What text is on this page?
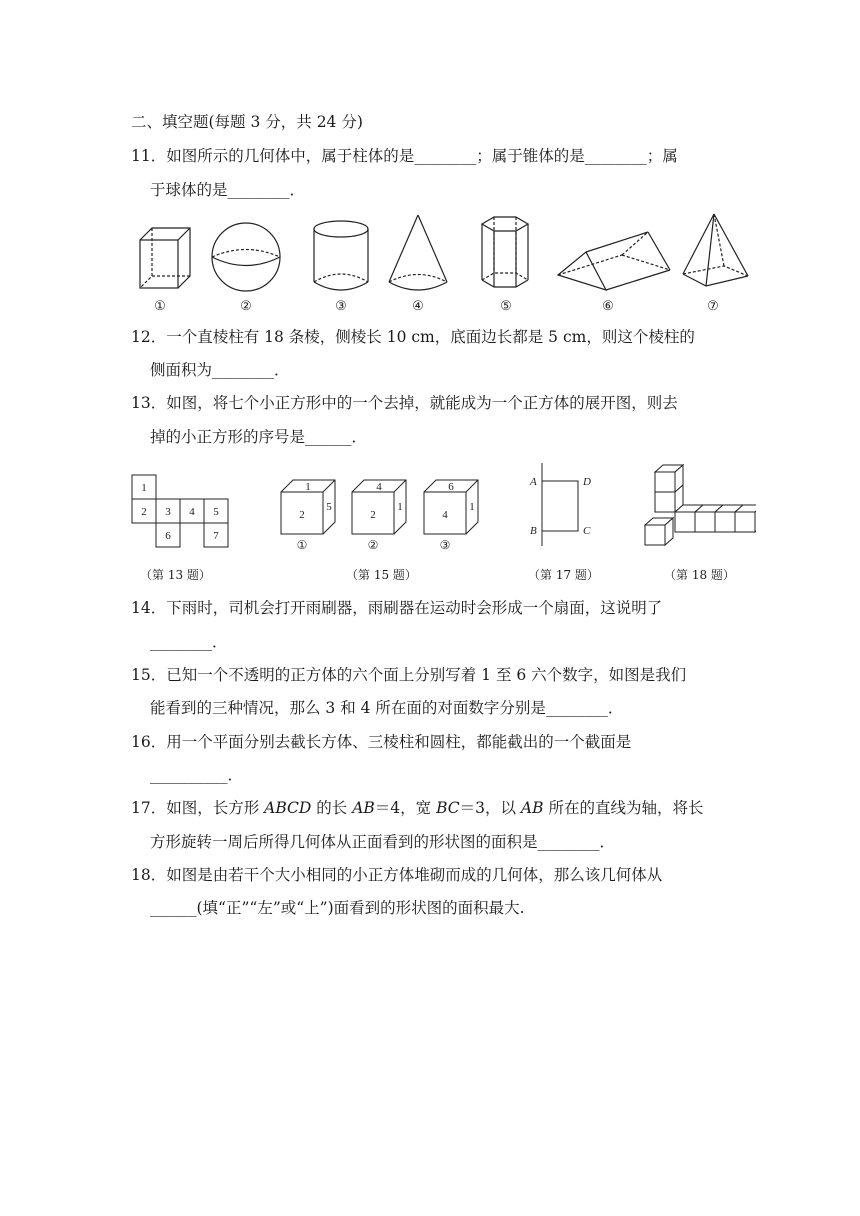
二、填空题(每题 3 分，共 24 分)
11．如图所示的几何体中，属于柱体的是________；属于锥体的是________；属
于球体的是________．
①	②	③	④	⑤	⑥	⑦
12．一个直棱柱有 18 条棱，侧棱长 10 cm，底面边长都是 5 cm，则这个棱柱的
侧面积为________．
13．如图，将七个小正方形中的一个去掉，就能成为一个正方体的展开图，则去
掉的小正方形的序号是______．
1
2 3 4 5
6	7
2
1
5
2
4
1
4
6
1
①	②	③
A
B	C
D
（第 13 题）	（第 15 题）	（第 17 题）	（第 18 题）
14．下雨时，司机会打开雨刷器，雨刷器在运动时会形成一个扇面，这说明了
________．
15．已知一个不透明的正方体的六个面上分别写着 1 至 6 六个数字，如图是我们
能看到的三种情况，那么 3 和 4 所在面的对面数字分别是________．
16．用一个平面分别去截长方体、三棱柱和圆柱，都能截出的一个截面是
__________．
17．如图，长方形 ABCD 的长 AB＝4，宽 BC＝3，以 AB 所在的直线为轴，将长
方形旋转一周后所得几何体从正面看到的形状图的面积是________．
18．如图是由若干个大小相同的小正方体堆砌而成的几何体，那么该几何体从
______(填“正”“左”或“上”)面看到的形状图的面积最大.
